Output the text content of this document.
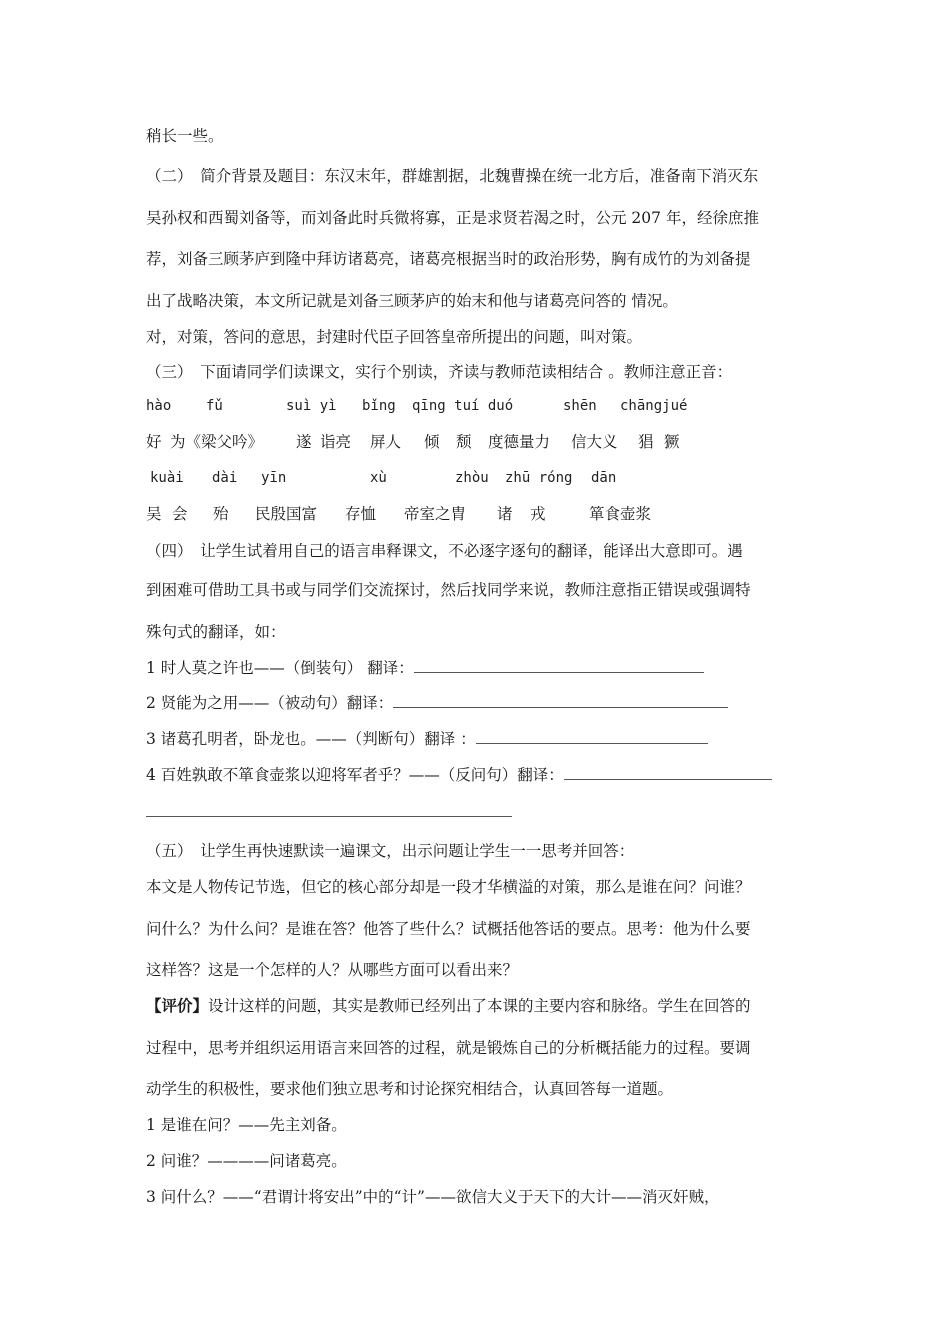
稍长一些。
（二）　简介背景及题目：东汉末年，群雄割据，北魏曹操在统一北方后，准备南下消灭东
吴孙权和西蜀刘备等，而刘备此时兵微将寡，正是求贤若渴之时，公元 207 年，经徐庶推
荐，刘备三顾茅庐到隆中拜访诸葛亮，诸葛亮根据当时的政治形势，胸有成竹的为刘备提
出了战略决策，本文所记就是刘备三顾茅庐的始末和他与诸葛亮问答的 情况。
对，对策，答问的意思，封建时代臣子回答皇帝所提出的问题，叫对策。
（三）　下面请同学们读课文，实行个别读，齐读与教师范读相结合 。教师注意正音：
hào fǔ	suì yì bǐng qīng tuí duó	shēn chāngjué
好 为《梁父吟》 遂 诣亮 屏人 倾 颓 度德量力 信大义 猖 獗
kuài dài yīn	xù	zhòu zhū róng dān
吴 会 殆 民殷国富 存恤 帝室之胄 诸 戎	箪食壶浆
（四）　让学生试着用自己的语言串释课文，不必逐字逐句的翻译，能译出大意即可。遇
到困难可借助工具书或与同学们交流探讨，然后找同学来说，教师注意指正错误或强调特
殊句式的翻译，如：
1 时人莫之许也——（倒装句） 翻译：
2 贤能为之用——（被动句）翻译：
3 诸葛孔明者，卧龙也。——（判断句）翻译 ：
4 百姓孰敢不箪食壶浆以迎将军者乎？——（反问句）翻译：
（五）　让学生再快速默读一遍课文，出示问题让学生一一思考并回答：
本文是人物传记节选，但它的核心部分却是一段才华横溢的对策，那么是谁在问？问谁？
问什么？为什么问？是谁在答？他答了些什么？试概括他答话的要点。思考：他为什么要
这样答？这是一个怎样的人？从哪些方面可以看出来？
【评价】设计这样的问题，其实是教师已经列出了本课的主要内容和脉络。学生在回答的
过程中，思考并组织运用语言来回答的过程，就是锻炼自己的分析概括能力的过程。要调
动学生的积极性，要求他们独立思考和讨论探究相结合，认真回答每一道题。
1 是谁在问？——先主刘备。
2 问谁？————问诸葛亮。
3 问什么？——“君谓计将安出”中的“计”——欲信大义于天下的大计——消灭奸贼，
